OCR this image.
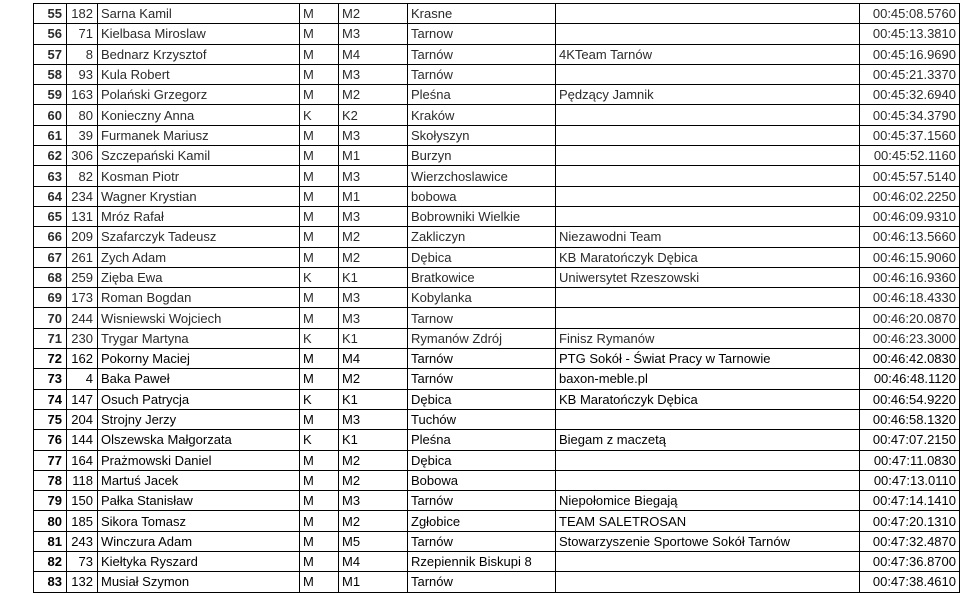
55	182	Sarna Kamil	M	M2	Krasne		00:45:08.5760
56	71	Kielbasa Miroslaw	M	M3	Tarnow		00:45:13.3810
57	8	Bednarz Krzysztof	M	M4	Tarnów	4KTeam Tarnów	00:45:16.9690
58	93	Kula Robert	M	M3	Tarnów		00:45:21.3370
59	163	Polański Grzegorz	M	M2	Pleśna	Pędzący Jamnik	00:45:32.6940
60	80	Konieczny Anna	K	K2	Kraków		00:45:34.3790
61	39	Furmanek Mariusz	M	M3	Skołyszyn		00:45:37.1560
62	306	Szczepański Kamil	M	M1	Burzyn		00:45:52.1160
63	82	Kosman Piotr	M	M3	Wierzchoslawice		00:45:57.5140
64	234	Wagner Krystian	M	M1	bobowa		00:46:02.2250
65	131	Mróz Rafał	M	M3	Bobrowniki Wielkie		00:46:09.9310
66	209	Szafarczyk Tadeusz	M	M2	Zakliczyn	Niezawodni Team	00:46:13.5660
67	261	Zych Adam	M	M2	Dębica	KB Maratończyk Dębica	00:46:15.9060
68	259	Zięba Ewa	K	K1	Bratkowice	Uniwersytet Rzeszowski	00:46:16.9360
69	173	Roman Bogdan	M	M3	Kobylanka		00:46:18.4330
70	244	Wisniewski Wojciech	M	M3	Tarnow		00:46:20.0870
71	230	Trygar Martyna	K	K1	Rymanów Zdrój	Finisz Rymanów	00:46:23.3000
72	162	Pokorny Maciej	M	M4	Tarnów	PTG Sokół - Świat Pracy w Tarnowie	00:46:42.0830
73	4	Baka Paweł	M	M2	Tarnów	baxon-meble.pl	00:46:48.1120
74	147	Osuch Patrycja	K	K1	Dębica	KB Maratończyk Dębica	00:46:54.9220
75	204	Strojny Jerzy	M	M3	Tuchów		00:46:58.1320
76	144	Olszewska Małgorzata	K	K1	Pleśna	Biegam z maczetą	00:47:07.2150
77	164	Prażmowski Daniel	M	M2	Dębica		00:47:11.0830
78	118	Martuś Jacek	M	M2	Bobowa		00:47:13.0110
79	150	Pałka Stanisław	M	M3	Tarnów	Niepołomice Biegają	00:47:14.1410
80	185	Sikora Tomasz	M	M2	Zgłobice	TEAM SALETROSAN	00:47:20.1310
81	243	Winczura Adam	M	M5	Tarnów	Stowarzyszenie Sportowe Sokół Tarnów	00:47:32.4870
82	73	Kiełtyka Ryszard	M	M4	Rzepiennik Biskupi 8		00:47:36.8700
83	132	Musiał Szymon	M	M1	Tarnów		00:47:38.4610
